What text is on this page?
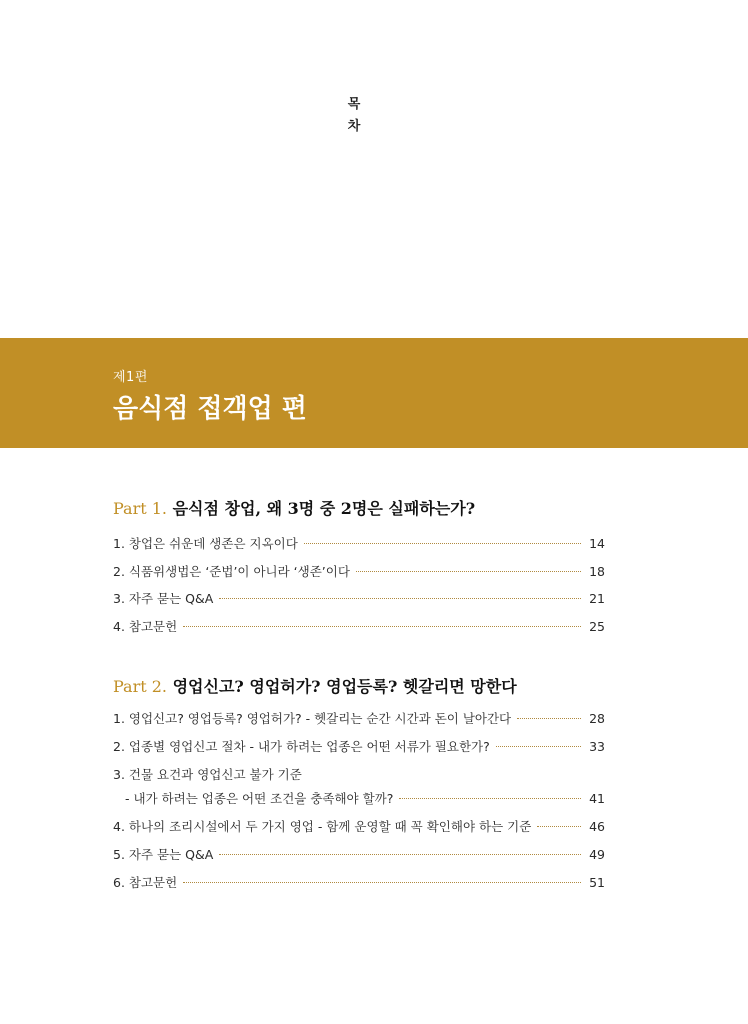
목
차
제1편
음식점 접객업 편
Part 1. 음식점 창업, 왜 3명 중 2명은 실패하는가?
1. 창업은 쉬운데 생존은 지옥이다	14
2. 식품위생법은 ‘준법’이 아니라 ‘생존’이다	18
3. 자주 묻는 Q&A	21
4. 참고문헌	25
Part 2. 영업신고? 영업허가? 영업등록? 헷갈리면 망한다
1. 영업신고? 영업등록? 영업허가? - 헷갈리는 순간 시간과 돈이 날아간다	28
2. 업종별 영업신고 절차 - 내가 하려는 업종은 어떤 서류가 필요한가?	33
3. 건물 요건과 영업신고 불가 기준
- 내가 하려는 업종은 어떤 조건을 충족해야 할까?	41
4. 하나의 조리시설에서 두 가지 영업 - 함께 운영할 때 꼭 확인해야 하는 기준	46
5. 자주 묻는 Q&A	49
6. 참고문헌	51
